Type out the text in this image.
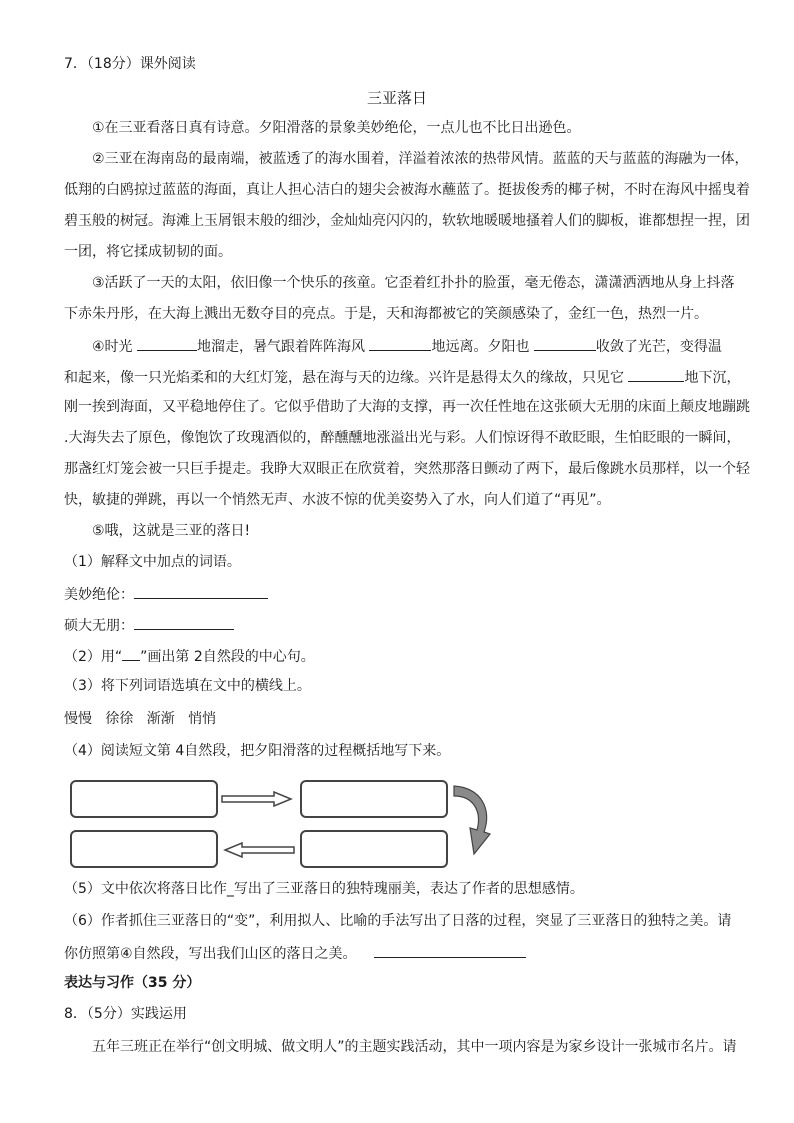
7．（18分）课外阅读
三亚落日
①在三亚看落日真有诗意。夕阳滑落的景象美妙绝伦，一点儿也不比日出逊色。
②三亚在海南岛的最南端，被蓝透了的海水围着，洋溢着浓浓的热带风情。蓝蓝的天与蓝蓝的海融为一体，
低翔的白鸥掠过蓝蓝的海面，真让人担心洁白的翅尖会被海水蘸蓝了。挺拔俊秀的椰子树，不时在海风中摇曳着
碧玉般的树冠。海滩上玉屑银末般的细沙，金灿灿亮闪闪的，软软地暖暖地搔着人们的脚板，谁都想捏一捏，团
一团，将它揉成韧韧的面。
③活跃了一天的太阳，依旧像一个快乐的孩童。它歪着红扑扑的脸蛋，毫无倦态，潇潇洒洒地从身上抖落
下赤朱丹彤，在大海上溅出无数夺目的亮点。于是，天和海都被它的笑颜感染了，金红一色，热烈一片。
④时光	地溜走，暑气跟着阵阵海风	地远离。夕阳也	收敛了光芒，变得温
和起来，像一只光焰柔和的大红灯笼，悬在海与天的边缘。兴许是悬得太久的缘故，只见它	地下沉，
刚一挨到海面，又平稳地停住了。它似乎借助了大海的支撑，再一次任性地在这张硕大无朋的床面上颠皮地蹦跳
.大海失去了原色，像饱饮了玫瑰酒似的，醉醺醺地涨溢出光与彩。人们惊讶得不敢眨眼，生怕眨眼的一瞬间，
那盏红灯笼会被一只巨手提走。我睁大双眼正在欣赏着，突然那落日颤动了两下，最后像跳水员那样，以一个轻
快，敏捷的弹跳，再以一个悄然无声、水波不惊的优美姿势入了水，向人们道了“再见”。
⑤哦，这就是三亚的落日!
（1）解释文中加点的词语。
美妙绝伦：
硕大无朋：
（2）用“ ”画出第 2自然段的中心句。
（3）将下列词语选填在文中的横线上。
慢慢 徐徐 渐渐 悄悄
（4）阅读短文第 4自然段，把夕阳滑落的过程概括地写下来。
（5）文中依次将落日比作_写出了三亚落日的独特瑰丽美，表达了作者的思想感情。
（6）作者抓住三亚落日的“变”，利用拟人、比喻的手法写出了日落的过程，突显了三亚落日的独特之美。请
你仿照第④自然段，写出我们山区的落日之美。
表达与习作（35 分）
8．（5分）实践运用
五年三班正在举行“创文明城、做文明人”的主题实践活动，其中一项内容是为家乡设计一张城市名片。请
